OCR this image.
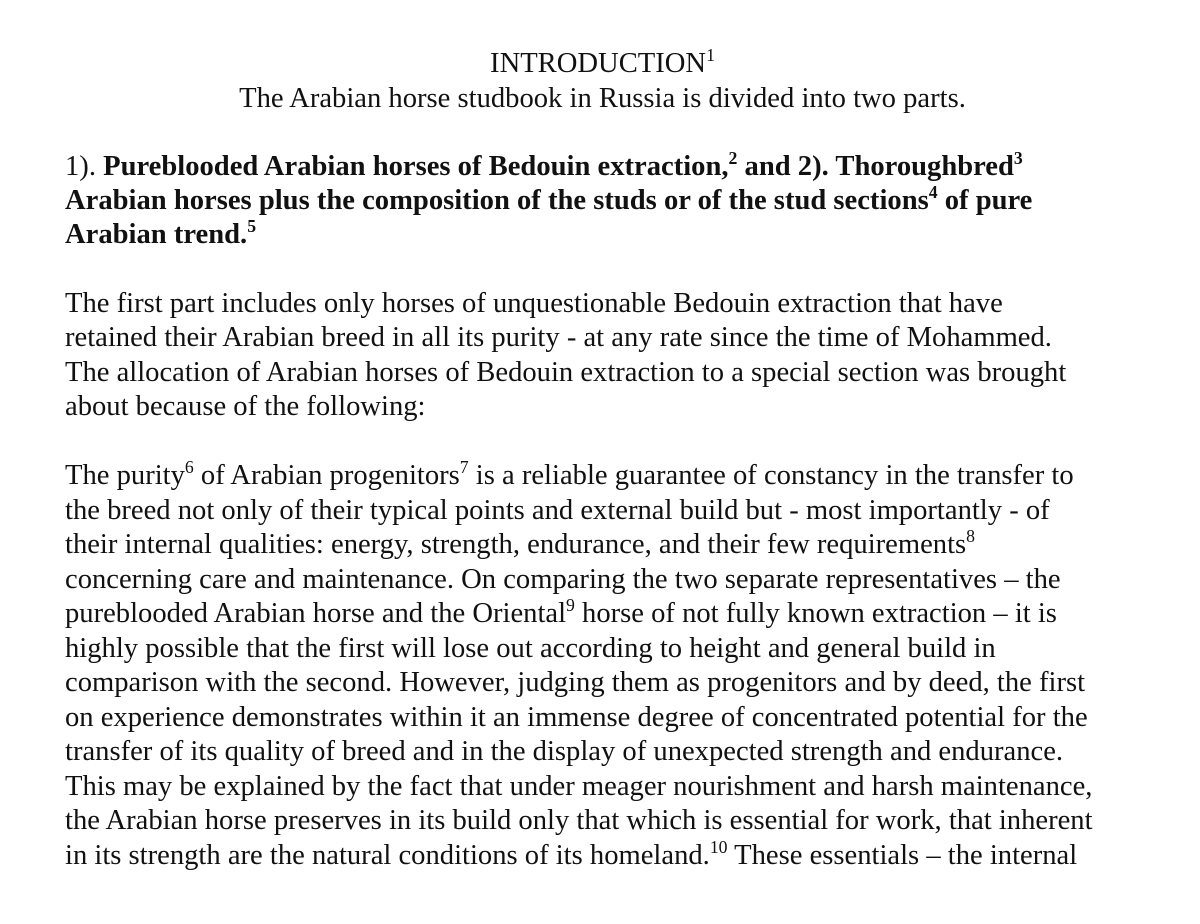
INTRODUCTION$^1$

The Arabian horse studbook in Russia is divided into two parts.

1). Pureblooded Arabian horses of Bedouin extraction,$^2$ and 2). Thoroughbred$^3$

Arabian horses plus the composition of the studs or of the stud sections$^4$ of pure

Arabian trend.$^5$

The first part includes only horses of unquestionable Bedouin extraction that have

retained their Arabian breed in all its purity - at any rate since the time of Mohammed.

The allocation of Arabian horses of Bedouin extraction to a special section was brought

about because of the following:

The purity$^6$ of Arabian progenitors$^7$ is a reliable guarantee of constancy in the transfer to

the breed not only of their typical points and external build but - most importantly - of

their internal qualities: energy, strength, endurance, and their few requirements$^8$

concerning care and maintenance. On comparing the two separate representatives – the

pureblooded Arabian horse and the Oriental$^9$ horse of not fully known extraction – it is

highly possible that the first will lose out according to height and general build in

comparison with the second. However, judging them as progenitors and by deed, the first

on experience demonstrates within it an immense degree of concentrated potential for the

transfer of its quality of breed and in the display of unexpected strength and endurance.

This may be explained by the fact that under meager nourishment and harsh maintenance,

the Arabian horse preserves in its build only that which is essential for work, that inherent

in its strength are the natural conditions of its homeland.$^{10}$ These essentials – the internal
